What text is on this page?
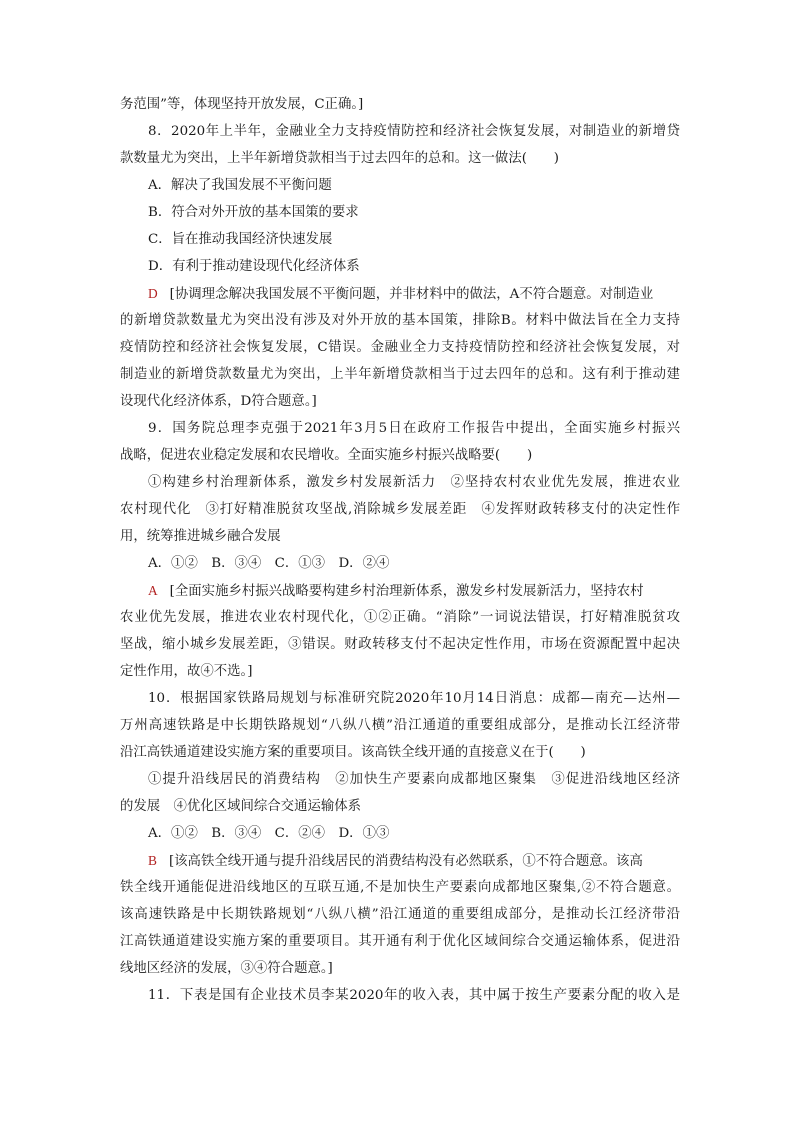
务范围”等，体现坚持开放发展，C正确。]
8．2020年上半年，金融业全力支持疫情防控和经济社会恢复发展，对制造业的新增贷
款数量尤为突出，上半年新增贷款相当于过去四年的总和。这一做法(　　)
A．解决了我国发展不平衡问题
B．符合对外开放的基本国策的要求
C．旨在推动我国经济快速发展
D．有利于推动建设现代化经济体系
D [协调理念解决我国发展不平衡问题，并非材料中的做法，A不符合题意。对制造业
的新增贷款数量尤为突出没有涉及对外开放的基本国策，排除B。材料中做法旨在全力支持
疫情防控和经济社会恢复发展，C错误。金融业全力支持疫情防控和经济社会恢复发展，对
制造业的新增贷款数量尤为突出，上半年新增贷款相当于过去四年的总和。这有利于推动建
设现代化经济体系，D符合题意。]
9．国务院总理李克强于2021年3月5日在政府工作报告中提出，全面实施乡村振兴
战略，促进农业稳定发展和农民增收。全面实施乡村振兴战略要(　　)
①构建乡村治理新体系，激发乡村发展新活力　②坚持农村农业优先发展，推进农业
农村现代化　③打好精准脱贫攻坚战,消除城乡发展差距　④发挥财政转移支付的决定性作
用，统筹推进城乡融合发展
A．①②　B．③④　C．①③　D．②④
A [全面实施乡村振兴战略要构建乡村治理新体系，激发乡村发展新活力，坚持农村
农业优先发展，推进农业农村现代化，①②正确。“消除”一词说法错误，打好精准脱贫攻
坚战，缩小城乡发展差距，③错误。财政转移支付不起决定性作用，市场在资源配置中起决
定性作用，故④不选。]
10．根据国家铁路局规划与标准研究院2020年10月14日消息：成都—南充—达州—
万州高速铁路是中长期铁路规划“八纵八横”沿江通道的重要组成部分，是推动长江经济带
沿江高铁通道建设实施方案的重要项目。该高铁全线开通的直接意义在于(　　)
①提升沿线居民的消费结构　②加快生产要素向成都地区聚集　③促进沿线地区经济
的发展　④优化区域间综合交通运输体系
A．①②　B．③④　C．②④　D．①③
B [该高铁全线开通与提升沿线居民的消费结构没有必然联系，①不符合题意。该高
铁全线开通能促进沿线地区的互联互通,不是加快生产要素向成都地区聚集,②不符合题意。
该高速铁路是中长期铁路规划“八纵八横”沿江通道的重要组成部分，是推动长江经济带沿
江高铁通道建设实施方案的重要项目。其开通有利于优化区域间综合交通运输体系，促进沿
线地区经济的发展，③④符合题意。]
11．下表是国有企业技术员李某2020年的收入表，其中属于按生产要素分配的收入是
